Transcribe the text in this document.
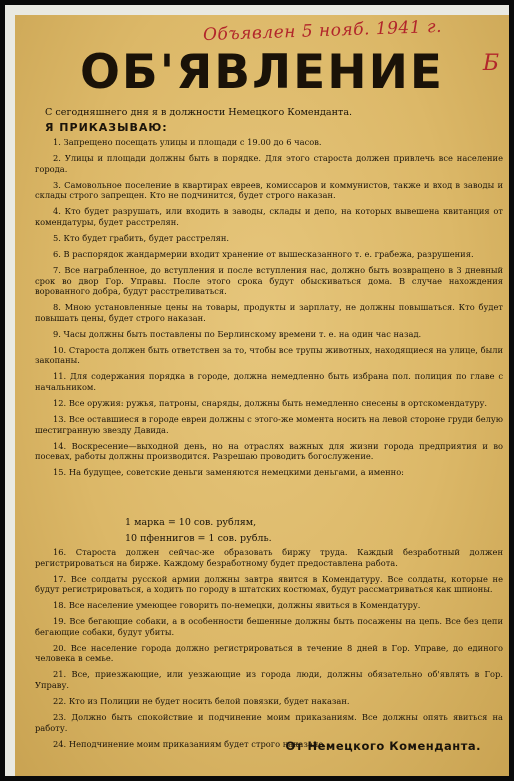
Объявлен 5 нояб. 1941 г.
Б
ОБ'ЯВЛЕНИЕ
С сегодняшнего дня я в должности Немецкого Коменданта.
Я ПРИКАЗЫВАЮ:

1. Запрещено посещать улицы и площади с 19.00 до 6 часов.

2. Улицы и площади должны быть в порядке. Для этого староста должен привлечь все население города.

3. Самовольное поселение в квартирах евреев, комиссаров и коммунистов, также и вход в заводы и склады строго запрещен. Кто не подчинится, будет строго наказан.

4. Кто будет разрушать, или входить в заводы, склады и депо, на которых вывешена квитанция от комендатуры, будет расстрелян.

5. Кто будет грабить, будет расстрелян.

6. В распорядок жандармерии входит хранение от вышесказанного т. е. грабежа, разрушения.

7. Все награбленное, до вступления и после вступления нас, должно быть возвращено в 3 дневный срок во двор Гор. Управы. После этого срока будут обыскиваться дома. В случае нахождения ворованного добра, будут расстреливаться.

8. Мною установленные цены на товары, продукты и зарплату, не должны повышаться. Кто будет повышать цены, будет строго наказан.

9. Часы должны быть поставлены по Берлинскому времени т. е. на один час назад.

10. Староста должен быть ответствен за то, чтобы все трупы животных, находящиеся на улице, были закопаны.

11. Для содержания порядка в городе, должна немедленно быть избрана пол. полиция по главе с начальником.

12. Все оружия: ружья, патроны, снаряды, должны быть немедленно снесены в ортскомендатуру.

13. Все оставшиеся в городе евреи должны с этого-же момента носить на левой стороне груди белую шестигранную звезду Давида.

14. Воскресение—выходной день, но на отраслях важных для жизни города предприятия и во посевах, работы должны производится. Разрешаю проводить богослужение.

15. На будущее, советские деньги заменяются немецкими деньгами, а именно:

1 марка = 10 сов. рублям,
10 пфеннигов = 1 сов. рубль.

16. Староста должен сейчас-же образовать биржу труда. Каждый безработный должен регистрироваться на бирже. Каждому безработному будет предоставлена работа.

17. Все солдаты русской армии должны завтра явится в Комендатуру. Все солдаты, которые не будут регистрироваться, а ходить по городу в штатских костюмах, будут рассматриваться как шпионы.

18. Все население умеющее говорить по-немецки, должны явиться в Комендатуру.

19. Все бегающие собаки, а в особенности бешенные должны быть посажены на цепь. Все без цепи бегающие собаки, будут убиты.

20. Все население города должно регистрироваться в течение 8 дней в Гор. Управе, до единого человека в семье.

21. Все, приезжающие, или уезжающие из города люди, должны обязательно об'являть в Гор. Управу.

22. Кто из Полиции не будет носить белой повязки, будет наказан.

23. Должно быть спокойствие и подчинение моим приказаниям. Все должны опять явиться на работу.

24. Неподчинение моим приказаниям будет строго наказано.

От Немецкого Коменданта.
